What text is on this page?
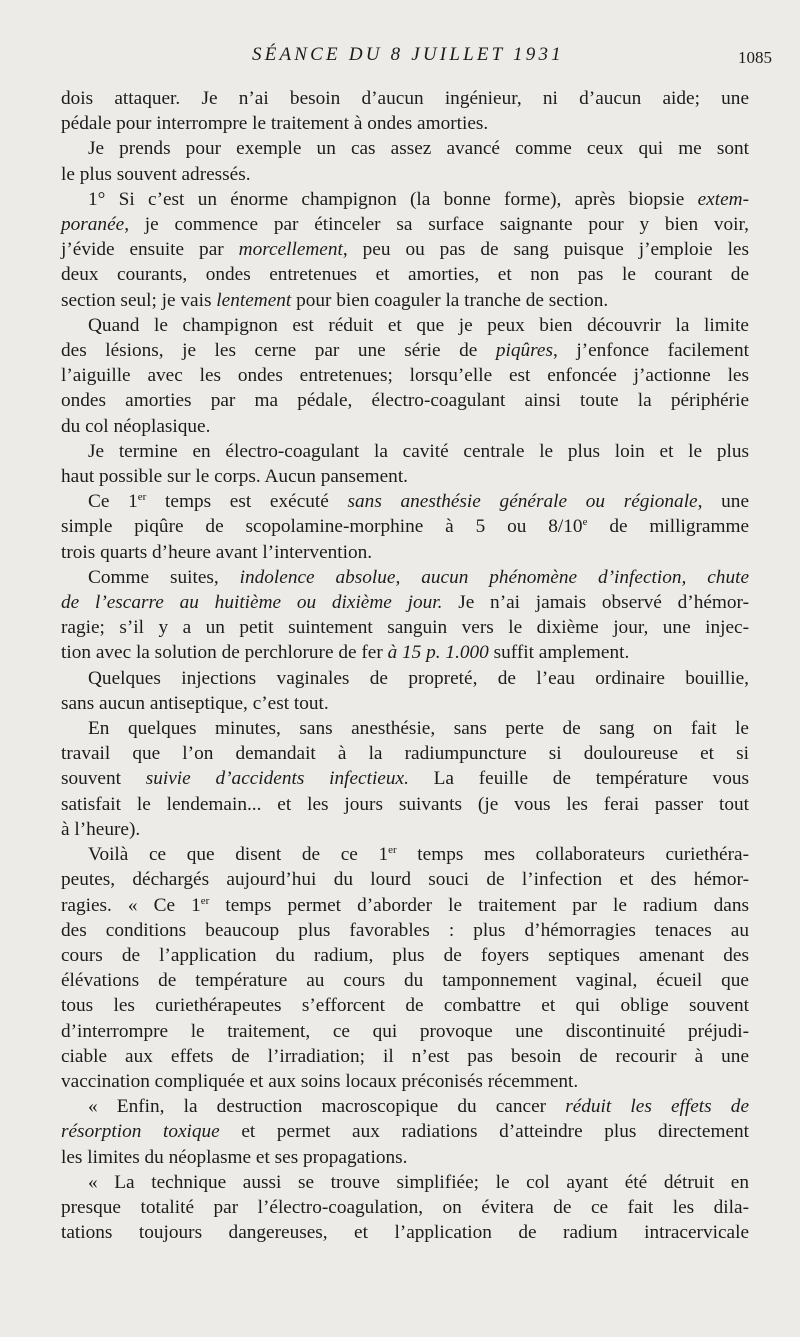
SÉANCE DU 8 JUILLET 1931	1085
dois attaquer. Je n’ai besoin d’aucun ingénieur, ni d’aucun aide; une
pédale pour interrompre le traitement à ondes amorties.
Je prends pour exemple un cas assez avancé comme ceux qui me sont
le plus souvent adressés.
1° Si c’est un énorme champignon (la bonne forme), après biopsie extem-
poranée, je commence par étinceler sa surface saignante pour y bien voir,
j’évide ensuite par morcellement, peu ou pas de sang puisque j’emploie les
deux courants, ondes entretenues et amorties, et non pas le courant de
section seul; je vais lentement pour bien coaguler la tranche de section.
Quand le champignon est réduit et que je peux bien découvrir la limite
des lésions, je les cerne par une série de piqûres, j’enfonce facilement
l’aiguille avec les ondes entretenues; lorsqu’elle est enfoncée j’actionne les
ondes amorties par ma pédale, électro-coagulant ainsi toute la périphérie
du col néoplasique.
Je termine en électro-coagulant la cavité centrale le plus loin et le plus
haut possible sur le corps. Aucun pansement.
Ce 1er temps est exécuté sans anesthésie générale ou régionale, une
simple piqûre de scopolamine-morphine à 5 ou 8/10e de milligramme
trois quarts d’heure avant l’intervention.
Comme suites, indolence absolue, aucun phénomène d’infection, chute
de l’escarre au huitième ou dixième jour. Je n’ai jamais observé d’hémor-
ragie; s’il y a un petit suintement sanguin vers le dixième jour, une injec-
tion avec la solution de perchlorure de fer à 15 p. 1.000 suffit amplement.
Quelques injections vaginales de propreté, de l’eau ordinaire bouillie,
sans aucun antiseptique, c’est tout.
En quelques minutes, sans anesthésie, sans perte de sang on fait le
travail que l’on demandait à la radiumpuncture si douloureuse et si
souvent suivie d’accidents infectieux. La feuille de température vous
satisfait le lendemain... et les jours suivants (je vous les ferai passer tout
à l’heure).
Voilà ce que disent de ce 1er temps mes collaborateurs curiethéra-
peutes, déchargés aujourd’hui du lourd souci de l’infection et des hémor-
ragies. « Ce 1er temps permet d’aborder le traitement par le radium dans
des conditions beaucoup plus favorables : plus d’hémorragies tenaces au
cours de l’application du radium, plus de foyers septiques amenant des
élévations de température au cours du tamponnement vaginal, écueil que
tous les curiethérapeutes s’efforcent de combattre et qui oblige souvent
d’interrompre le traitement, ce qui provoque une discontinuité préjudi-
ciable aux effets de l’irradiation; il n’est pas besoin de recourir à une
vaccination compliquée et aux soins locaux préconisés récemment.
« Enfin, la destruction macroscopique du cancer réduit les effets de
résorption toxique et permet aux radiations d’atteindre plus directement
les limites du néoplasme et ses propagations.
« La technique aussi se trouve simplifiée; le col ayant été détruit en
presque totalité par l’électro-coagulation, on évitera de ce fait les dila-
tations toujours dangereuses, et l’application de radium intracervicale
